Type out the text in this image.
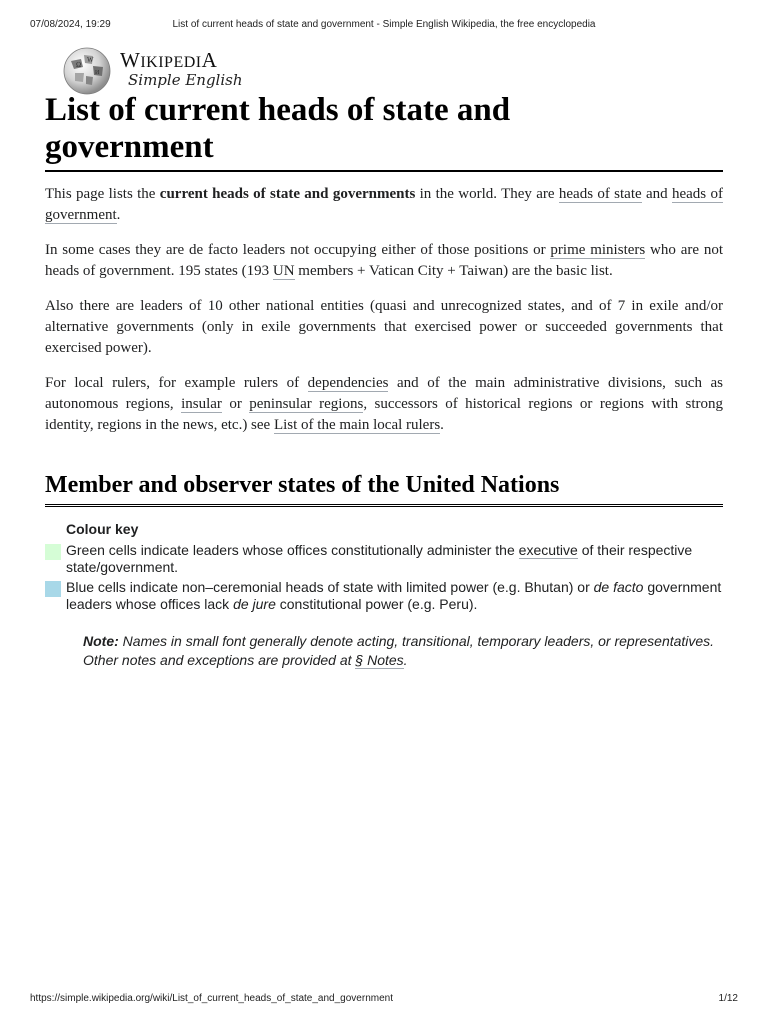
07/08/2024, 19:29	List of current heads of state and government - Simple English Wikipedia, the free encyclopedia
Ω
W
И
WIKIPEDIA
Simple English
List of current heads of state and
government

This page lists the current heads of state and governments in the world. They are heads of state and heads of government.

In some cases they are de facto leaders not occupying either of those positions or prime ministers who are not heads of government. 195 states (193 UN members + Vatican City + Taiwan) are the basic list.

Also there are leaders of 10 other national entities (quasi and unrecognized states, and of 7 in exile and/or alternative governments (only in exile governments that exercised power or succeeded governments that exercised power).

For local rulers, for example rulers of dependencies and of the main administrative divisions, such as autonomous regions, insular or peninsular regions, successors of historical regions or regions with strong identity, regions in the news, etc.) see List of the main local rulers.

Member and observer states of the United Nations
Colour key
Green cells indicate leaders whose offices constitutionally administer the executive of their respective state/government.
Blue cells indicate non–ceremonial heads of state with limited power (e.g. Bhutan) or de facto government leaders whose offices lack de jure constitutional power (e.g. Peru).
Note: Names in small font generally denote acting, transitional, temporary leaders, or representatives. Other notes and exceptions are provided at § Notes.
https://simple.wikipedia.org/wiki/List_of_current_heads_of_state_and_government	1/12
